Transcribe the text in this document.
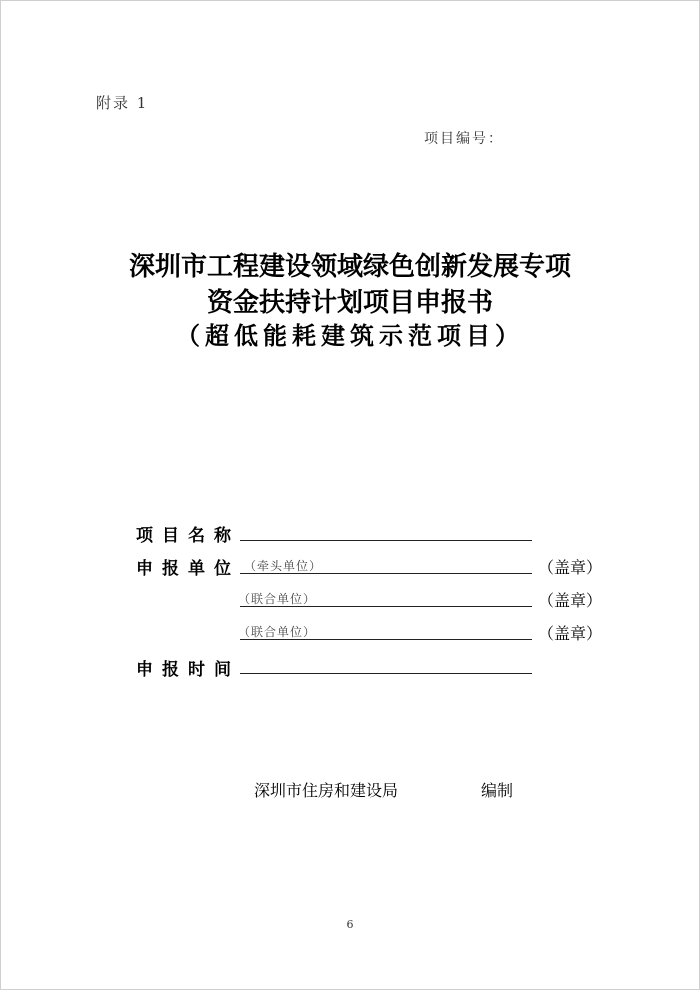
附录 1
项目编号：
深圳市工程建设领域绿色创新发展专项
资金扶持计划项目申报书
（超低能耗建筑示范项目）
项目名称
申报单位 （牵头单位）	（盖章）
（联合单位）	（盖章）
（联合单位）	（盖章）
申报时间
深圳市住房和建设局	编制
6
